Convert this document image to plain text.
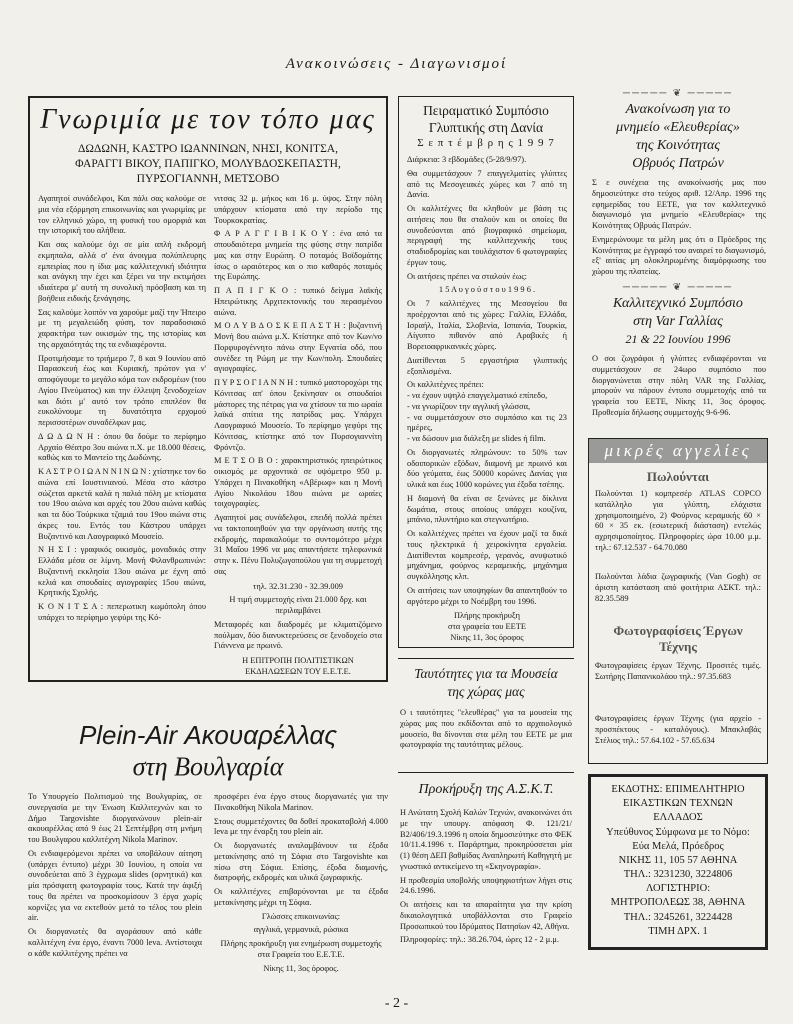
Ανακοινώσεις - Διαγωνισμοί
Γνωριμία με τον τόπο μας
ΔΩΔΩΝΗ, ΚΑΣΤΡΟ ΙΩΑΝΝΙΝΩΝ, ΝΗΣΙ, ΚΟΝΙΤΣΑ, ΦΑΡΑΓΓΙ ΒΙΚΟΥ, ΠΑΠΙΓΚΟ, ΜΟΛΥΒΔΟΣΚΕΠΑΣΤΗ, ΠΥΡΣΟΓΙΑΝΝΗ, ΜΕΤΣΟΒΟ
Αγαπητοί συνάδελφοι, Και πάλι σας καλούμε σε μια νέα εξόρμηση επικοινωνίας και γνωριμίας με τον ελληνικό χώρο, τη φυσική του ομορφιά και την ιστορική του αλήθεια.
Και σας καλούμε όχι σε μία απλή εκδρομή εκμηπαλα, αλλά σ' ένα άνοιγμα πολύπλευρης εμπειρίας που η ίδια μας καλλιτεχνική ιδιότητα και ανάγκη την έχει και ξέρει να την εκτιμήσει ιδιαίτερα μ' αυτή τη συνολική πρόσβαση και τη βοήθεια ειδικής ξενάγησης.
Σας καλούμε λοιπόν να χαρούμε μαζί την Ήπειρο με τη μεγαλειώδη φύση, τον παραδοσιακό χαρακτήρα των οικισμών της, της ιστορίας και της αρχαιότητάς της τα ενδιαφέροντα.
Προτιμήσαμε το τριήμερο 7, 8 και 9 Ιουνίου από Παρασκευή έως και Κυριακή, πρώτον για ν' αποφύγουμε το μεγάλο κόμα των εκδρομέων (του Αγίου Πνεύματος) και την έλλειψη ξενοδοχείων και διότι μ' αυτό τον τρόπο επιπλέον θα ευκολύνουμε τη δυνατότητα ερχομού περισσοτέρων συναδέλφων μας.
Δ Ω Δ Ω Ν Η : όπου θα δούμε το περίφημο Αρχαίο Θέατρο 3ου αιώνα π.Χ. με 18.000 θέσεις, καθώς και το Μαντείο της Δωδώνης.
Κ Α Σ Τ Ρ Ο Ι Ω Α Ν Ν Ι Ν Ω Ν : χτίστηκε τον 6ο αιώνα επί Ιουστινιανού. Μέσα στο κάστρο σώζεται αρκετά καλά η παλιά πόλη με κτίσματα του 19ου αιώνα και αρχές του 20ου αιώνα καθώς και τα δύο Τούρκικα τζαμιά του 19ου αιώνα στις άκρες του. Εντός του Κάστρου υπάρχει Βυζαντινό και Λαογραφικό Μουσείο.
Ν Η Σ Ι : γραφικός οικισμός, μοναδικός στην Ελλάδα μέσα σε λίμνη. Μονή Φιλανθρωπινών: Βυζαντινή εκκλησία 13ου αιώνα με έχνη από κελιά και σπουδαίες αγιογραφίες 15ου αιώνα, Κρητικής Σχολής.
Κ Ο Ν Ι Τ Σ Α : πεπερωτικη κωμόπολη όπου υπάρχει το περίφημο γεφύρι της Κό-
νιτσας 32 μ. μήκος και 16 μ. ύψος. Στην πόλη υπάρχουν κτίσματα από την περίοδο της Τουρκοκρατίας.
Φ Α Ρ Α Γ Γ Ι Β Ι Κ Ο Υ : ένα από τα σπουδαιότερα μνημεία της φύσης στην πατρίδα μας και στην Ευρώπη. Ο ποταμός Βοϊδομάτης ίσως ο ωραιότερος και ο πιο καθαρός ποταμός της Ευρώπης.
Π Α Π Ι Γ Κ Ο : τυπικό δείγμα λαϊκής Ηπειρώτικης Αρχιτεκτονικής του περασμένου αιώνα.
Μ Ο Λ Υ Β Δ Ο Σ Κ Ε Π Α Σ Τ Η : βυζαντινή Μονή 8ου αιώνα μ.Χ. Κτίστηκε από τον Κων/νο Πορφυρογέννητο πάνω στην Εγνατία οδό, που συνέδεε τη Ρώμη με την Κων/πολη. Σπουδαίες αγιογραφίες.
Π Υ Ρ Σ Ο Γ Ι Α Ν Ν Η : τυπικό μαστοροχώρι της Κόνιτσας απ' όπου ξεκίνησαν οι σπουδαίοι μάστορες της πέτρας για να χτίσουν τα πιο ωραία λαϊκά σπίτια της πατρίδας μας. Υπάρχει Λαογραφικό Μουσείο. Το περίφημο γεφύρι της Κόνιτσας, κτίστηκε από τον Πυρσογιαννίτη Φρόντζο.
Μ Ε Τ Σ Ο Β Ο : χαρακτηριστικός ηπειρώτικος οικισμός με αρχοντικά σε υψόμετρο 950 μ. Υπάρχει η Πινακοθήκη «Αβέρωφ» και η Μονή Αγίου Νικολάου 18ου αιώνα με ωραίες τοιχογραφίες.
Αγαπητοί μας συνάδελφοι, επειδή πολλά πρέπει να τακτοποιηθούν για την οργάνωση αυτής της εκδρομής, παρακαλούμε το συντομότερο μέχρι 31 Μαΐου 1996 να μας απαντήσετε τηλεφωνικά στην κ. Πένυ Πολυζωγοπούλου για τη συμμετοχή σας
τηλ. 32.31.230 - 32.39.009
Η τιμή συμμετοχής είναι 21.000 δρχ. και περιλαμβάνει
Μεταφορές και διαδρομές με κλιματιζόμενο πούλμαν, δύο διανυκτερεύσεις σε ξενοδοχείο στα Γιάννενα με πρωινό.
Η ΕΠΙΤΡΟΠΗ ΠΟΛΙΤΙΣΤΙΚΩΝ
ΕΚΔΗΛΩΣΕΩΝ ΤΟΥ Ε.Ε.Τ.Ε.
Plein-Air Ακουαρέλλας
στη Βουλγαρία
Το Υπουργείο Πολιτισμού της Βουλγαρίας, σε συνεργασία με την Ένωση Καλλιτεχνών και το Δήμο Targovishte διοργανώνουν plein-air ακουαρέλλας από 9 έως 21 Σεπτέμβρη στη μνήμη του Βουλγαρου καλλιτέχνη Nikola Marinov.
Οι ενδιαφερόμενοι πρέπει να υποβάλουν αίτηση (υπάρχει έντυπο) μέχρι 30 Ιουνίου, η οποία να συνοδεύεται από 3 έγχρωμα slides (αρνητικά) και μία πρόσφατη φωτογραφία τους. Κατά την άφιξή τους θα πρέπει να προσκομίσουν 3 έργα χωρίς κορνίζες για να εκτεθούν μετά το τέλος του plein air.
Οι διοργανωτές θα αγοράσουν από κάθε καλλιτέχνη ένα έργο, έναντι 7000 leva. Αντίστοιχα ο κάθε καλλιτέχνης πρέπει να
προσφέρει ένα έργο στους διοργανωτές για την Πινακοθήκη Nikola Marinov.
Στους συμμετέχοντες θα δοθεί προκαταβολή 4.000 leva με την έναρξη του plein air.
Οι διοργανωτές αναλαμβάνουν τα έξοδα μετακίνησης από τη Σόφια στο Targovishte και πίσω στη Σόφια. Επίσης, έξοδα διαμονής, διατροφής, εκδρομές και υλικά ζωγραφικής.
Οι καλλιτέχνες επιβαρύνονται με τα έξοδα μετακίνησης μέχρι τη Σόφια.
Γλώσσες επικοινωνίας:
αγγλικά, γερμανικά, ρώσικα
Πλήρης προκήρυξη για ενημέρωση συμμετοχής στα Γραφεία του Ε.Ε.Τ.Ε.
Νίκης 11, 3ος όροφος.
Πειραματικό Συμπόσιο
Γλυπτικής στη Δανία
Σ ε π τ έ μ β ρ η ς 1 9 9 7
Διάρκεια: 3 εβδομάδες (5-28/9/97).
Θα συμμετάσχουν 7 επαγγελματίες γλύπτες από τις Μεσογειακές χώρες και 7 από τη Δανία.
Οι καλλιτέχνες θα κληθούν με βάση τις αιτήσεις που θα σταλούν και οι οποίες θα συνοδεύονται από βιογραφικό σημείωμα, περιγραφή της καλλιτεχνικής τους σταδιοδρομίας και τουλάχιστον 6 φωτογραφίες έργων τους.
Οι αιτήσεις πρέπει να σταλούν έως:
1 5 Α υ γ ο ύ σ τ ο υ 1 9 9 6 .
Οι 7 καλλιτέχνες της Μεσογείου θα προέρχονται από τις χώρες: Γαλλία, Ελλάδα, Ισραήλ, Ιταλία, Σλοβενία, Ισπανία, Τουρκία, Αίγυπτο πιθανόν από Αραβικές ή Βορειοαφρικανικές χώρες.
Διατίθενται 5 εργαστήρια γλυπτικής εξοπλισμένα.
Οι καλλιτέχνες πρέπει:
- να έχουν υψηλό επαγγελματικό επίπεδο,
- να γνωρίζουν την αγγλική γλώσσα,
- να συμμετάσχουν στο συμπόσιο και τις 23 ημέρες,
- να δώσουν μια διάλεξη με slides ή film.
Οι διοργανωτές πληρώνουν: το 50% των οδοιπορικών εξόδων, διαμονή με πρωινό και δύο γεύματα, έως 50000 κορώνες Δανίας για υλικά και έως 1000 κορώνες για έξοδα τσέπης.
Η διαμονή θα είναι σε ξενώνες με δίκλινα δωμάτια, στους οποίους υπάρχει κουζίνα, μπάνιο, πλυντήριο και στεγνωτήριο.
Οι καλλιτέχνες πρέπει να έχουν μαζί τα δικά τους ηλεκτρικά ή χειροκίνητα εργαλεία. Διατίθενται κομπρεσέρ, γερανός, ανυψωτικό μηχάνημα, φούρνος κεραμεικής, μηχάνημα συγκόλλησης κλπ.
Οι αιτήσεις των υποψηφίων θα απαντηθούν το αργότερο μέχρι το Νοέμβρη του 1996.
Πλήρης προκήρυξη
στα γραφεία του ΕΕΤΕ
Νίκης 11, 3ος όροφος
Ταυτότητες για τα Μουσεία
της χώρας μας
Ο ι ταυτότητες "ελευθέρας" για τα μουσεία της χώρας μας που εκδίδονται από το αρχαιολογικό μουσείο, θα δίνονται στα μέλη του ΕΕΤΕ με μια φωτογραφία της ταυτότητας μέλους.
Προκήρυξη της Α.Σ.Κ.Τ.
Η Ανώτατη Σχολή Καλών Τεχνών, ανακοινώνει ότι με την υπουργ. απόφαση Φ. 121/21/Β2/406/19.3.1996 η οποία δημοσιεύτηκε στο ΦΕΚ 10/11.4.1996 τ. Παράρτημα, προκηρύσσεται μία (1) θέση ΔΕΠ βαθμίδας Αναπληρωτή Καθηγητή με γνωστικό αντικείμενο τη «Σκηνογραφία».
Η προθεσμία υποβολής υποψηφιοτήτων λήγει στις 24.6.1996.
Οι αιτήσεις και τα απαραίτητα για την κρίση δικαιολογητικά υποβάλλονται στο Γραφείο Προσωπικού του Ιδρύματος Πατησίων 42, Αθήνα.
Πληροφορίες: τηλ.: 38.26.704, ώρες 12 - 2 μ.μ.
───── ❦ ─────
Ανακοίνωση για το
μνημείο «Ελευθερίας»
της Κοινότητας
Οβρυός Πατρών
Σ ε συνέχεια της ανακοίνωσής μας που δημοσιεύτηκε στο τεύχος αριθ. 12/Απρ. 1996 της εφημερίδας του ΕΕΤΕ, για τον καλλιτεχνικό διαγωνισμό για μνημείο «Ελευθερίας» της Κοινότητας Οβρυάς Πατρών.
Ενημερώνουμε τα μέλη μας ότι ο Πρόεδρος της Κοινότητας με έγγραφό του αναιρεί το διαγωνισμό, εξ' αιτίας μη ολοκληρωμένης διαμόρφωσης του χώρου της πλατείας.
───── ❦ ─────
Καλλιτεχνικό Συμπόσιο
στη Var Γαλλίας
21 & 22 Ιουνίου 1996
Ο σοι ζωγράφοι ή γλύπτες ενδιαφέρονται να συμμετάσχουν σε 24ωρο συμπόσιο που διοργανώνεται στην πόλη VAR της Γαλλίας, μπορούν να πάρουν έντυπο συμμετοχής από τα γραφεία του ΕΕΤΕ, Νίκης 11, 3ος όροφος. Προθεσμία δήλωσης συμμετοχής 9-6-96.
μικρές αγγελίες
Πωλούνται
Πωλούνται 1) κομπρεσέρ ATLAS COPCO κατάλληλο για γλύπτη, ελάχιστα χρησιμοποιημένο, 2) Φούρνος κεραμικής 60 × 60 × 35 εκ. (εσωτερική διάσταση) εντελώς αχρησιμοποίητος. Πληροφορίες ώρα 10.00 μ.μ. τηλ.: 67.12.537 - 64.70.080
Πωλούνται λάδια ζωγραφικής (Van Gogh) σε άριστη κατάσταση από φοιτήτρια ΑΣΚΤ. τηλ.: 82.35.589
Φωτογραφίσεις Έργων
Τέχνης
Φωτογραφίσεις έργων Τέχνης. Προσιτές τιμές. Σωτήρης Παπανικολάου τηλ.: 97.35.683
Φωτογραφίσεις έργων Τέχνης (για αρχείο - προσπέκτους - καταλόγους). Μπακλαβάς Στέλιος τηλ.: 57.64.102 - 57.65.634
ΕΚΔΟΤΗΣ: ΕΠΙΜΕΛΗΤΗΡΙΟ
ΕΙΚΑΣΤΙΚΩΝ ΤΕΧΝΩΝ
ΕΛΛΑΔΟΣ
Υπεύθυνος Σύμφωνα με το Νόμο:
Εύα Μελά, Πρόεδρος
ΝΙΚΗΣ 11, 105 57 ΑΘΗΝΑ
ΤΗΛ.: 3231230, 3224806
ΛΟΓΙΣΤΗΡΙΟ:
ΜΗΤΡΟΠΟΛΕΩΣ 38, ΑΘΗΝΑ
ΤΗΛ.: 3245261, 3224428
ΤΙΜΗ ΔΡΧ. 1
- 2 -
